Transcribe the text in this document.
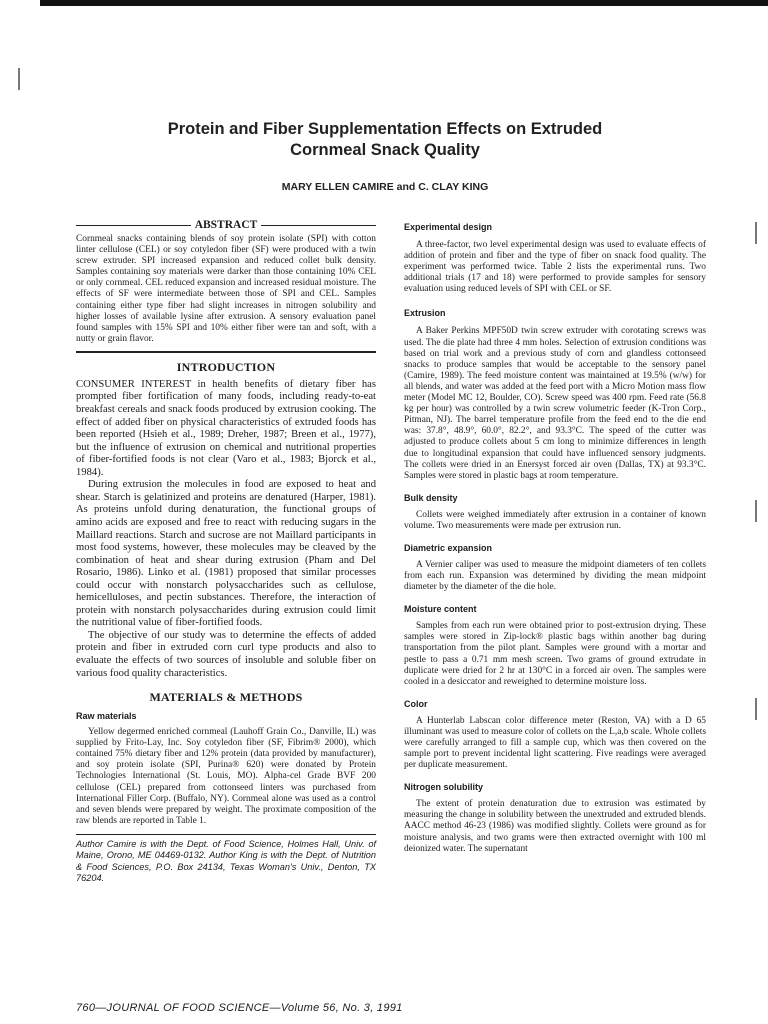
Protein and Fiber Supplementation Effects on Extruded
Cornmeal Snack Quality

MARY ELLEN CAMIRE and C. CLAY KING

ABSTRACT

Cornmeal snacks containing blends of soy protein isolate (SPI) with cotton linter cellulose (CEL) or soy cotyledon fiber (SF) were produced with a twin screw extruder. SPI increased expansion and reduced collet bulk density. Samples containing soy materials were darker than those containing 10% CEL or only cornmeal. CEL reduced expansion and increased residual moisture. The effects of SF were intermediate between those of SPI and CEL. Samples containing either type fiber had slight increases in nitrogen solubility and higher losses of available lysine after extrusion. A sensory evaluation panel found samples with 15% SPI and 10% either fiber were tan and soft, with a nutty or grain flavor.

INTRODUCTION

CONSUMER INTEREST in health benefits of dietary fiber has prompted fiber fortification of many foods, including ready-to-eat breakfast cereals and snack foods produced by extrusion cooking. The effect of added fiber on physical characteristics of extruded foods has been reported (Hsieh et al., 1989; Dreher, 1987; Breen et al., 1977), but the influence of extrusion on chemical and nutritional properties of fiber-fortified foods is not clear (Varo et al., 1983; Bjorck et al., 1984).

During extrusion the molecules in food are exposed to heat and shear. Starch is gelatinized and proteins are denatured (Harper, 1981). As proteins unfold during denaturation, the functional groups of amino acids are exposed and free to react with reducing sugars in the Maillard reactions. Starch and sucrose are not Maillard participants in most food systems, however, these molecules may be cleaved by the combination of heat and shear during extrusion (Pham and Del Rosario, 1986). Linko et al. (1981) proposed that similar processes could occur with nonstarch polysaccharides such as cellulose, hemicelluloses, and pectin substances. Therefore, the interaction of protein with nonstarch polysaccharides during extrusion could limit the nutritional value of fiber-fortified foods.

The objective of our study was to determine the effects of added protein and fiber in extruded corn curl type products and also to evaluate the effects of two sources of insoluble and soluble fiber on various food quality characteristics.

MATERIALS & METHODS
Raw materials

Yellow degermed enriched cornmeal (Lauhoff Grain Co., Danville, IL) was supplied by Frito-Lay, Inc. Soy cotyledon fiber (SF, Fibrim® 2000), which contained 75% dietary fiber and 12% protein (data provided by manufacturer), and soy protein isolate (SPI, Purina® 620) were donated by Protein Technologies International (St. Louis, MO). Alpha-cel Grade BVF 200 cellulose (CEL) prepared from cottonseed linters was purchased from International Filler Corp. (Buffalo, NY). Cornmeal alone was used as a control and seven blends were prepared by weight. The proximate composition of the raw blends are reported in Table 1.

Author Camire is with the Dept. of Food Science, Holmes Hall, Univ. of Maine, Orono, ME 04469-0132. Author King is with the Dept. of Nutrition & Food Sciences, P.O. Box 24134, Texas Woman's Univ., Denton, TX 76204.

Experimental design

A three-factor, two level experimental design was used to evaluate effects of addition of protein and fiber and the type of fiber on snack food quality. The experiment was performed twice. Table 2 lists the experimental runs. Two additional trials (17 and 18) were performed to provide samples for sensory evaluation using reduced levels of SPI with CEL or SF.

Extrusion

A Baker Perkins MPF50D twin screw extruder with corotating screws was used. The die plate had three 4 mm holes. Selection of extrusion conditions was based on trial work and a previous study of corn and glandless cottonseed snacks to produce samples that would be acceptable to the sensory panel (Camire, 1989). The feed moisture content was maintained at 19.5% (w/w) for all blends, and water was added at the feed port with a Micro Motion mass flow meter (Model MC 12, Boulder, CO). Screw speed was 400 rpm. Feed rate (56.8 kg per hour) was controlled by a twin screw volumetric feeder (K-Tron Corp., Pitman, NJ). The barrel temperature profile from the feed end to the die end was: 37.8°, 48.9°, 60.0°, 82.2°, and 93.3°C. The speed of the cutter was adjusted to produce collets about 5 cm long to minimize differences in length due to longitudinal expansion that could have influenced sensory judgments. The collets were dried in an Enersyst forced air oven (Dallas, TX) at 93.3°C. Samples were stored in plastic bags at room temperature.

Bulk density

Collets were weighed immediately after extrusion in a container of known volume. Two measurements were made per extrusion run.

Diametric expansion

A Vernier caliper was used to measure the midpoint diameters of ten collets from each run. Expansion was determined by dividing the mean midpoint diameter by the diameter of the die hole.

Moisture content

Samples from each run were obtained prior to post-extrusion drying. These samples were stored in Zip-lock® plastic bags within another bag during transportation from the pilot plant. Samples were ground with a mortar and pestle to pass a 0.71 mm mesh screen. Two grams of ground extrudate in duplicate were dried for 2 hr at 130°C in a forced air oven. The samples were cooled in a desiccator and reweighed to determine moisture loss.

Color

A Hunterlab Labscan color difference meter (Reston, VA) with a D 65 illuminant was used to measure color of collets on the L,a,b scale. Whole collets were carefully arranged to fill a sample cup, which was then covered on the sample port to prevent incidental light scattering. Five readings were averaged per duplicate measurement.

Nitrogen solubility

The extent of protein denaturation due to extrusion was estimated by measuring the change in solubility between the unextruded and extruded blends. AACC method 46-23 (1986) was modified slightly. Collets were ground as for moisture analysis, and two grams were then extracted overnight with 100 ml deionized water. The supernatant

760—JOURNAL OF FOOD SCIENCE—Volume 56, No. 3, 1991
